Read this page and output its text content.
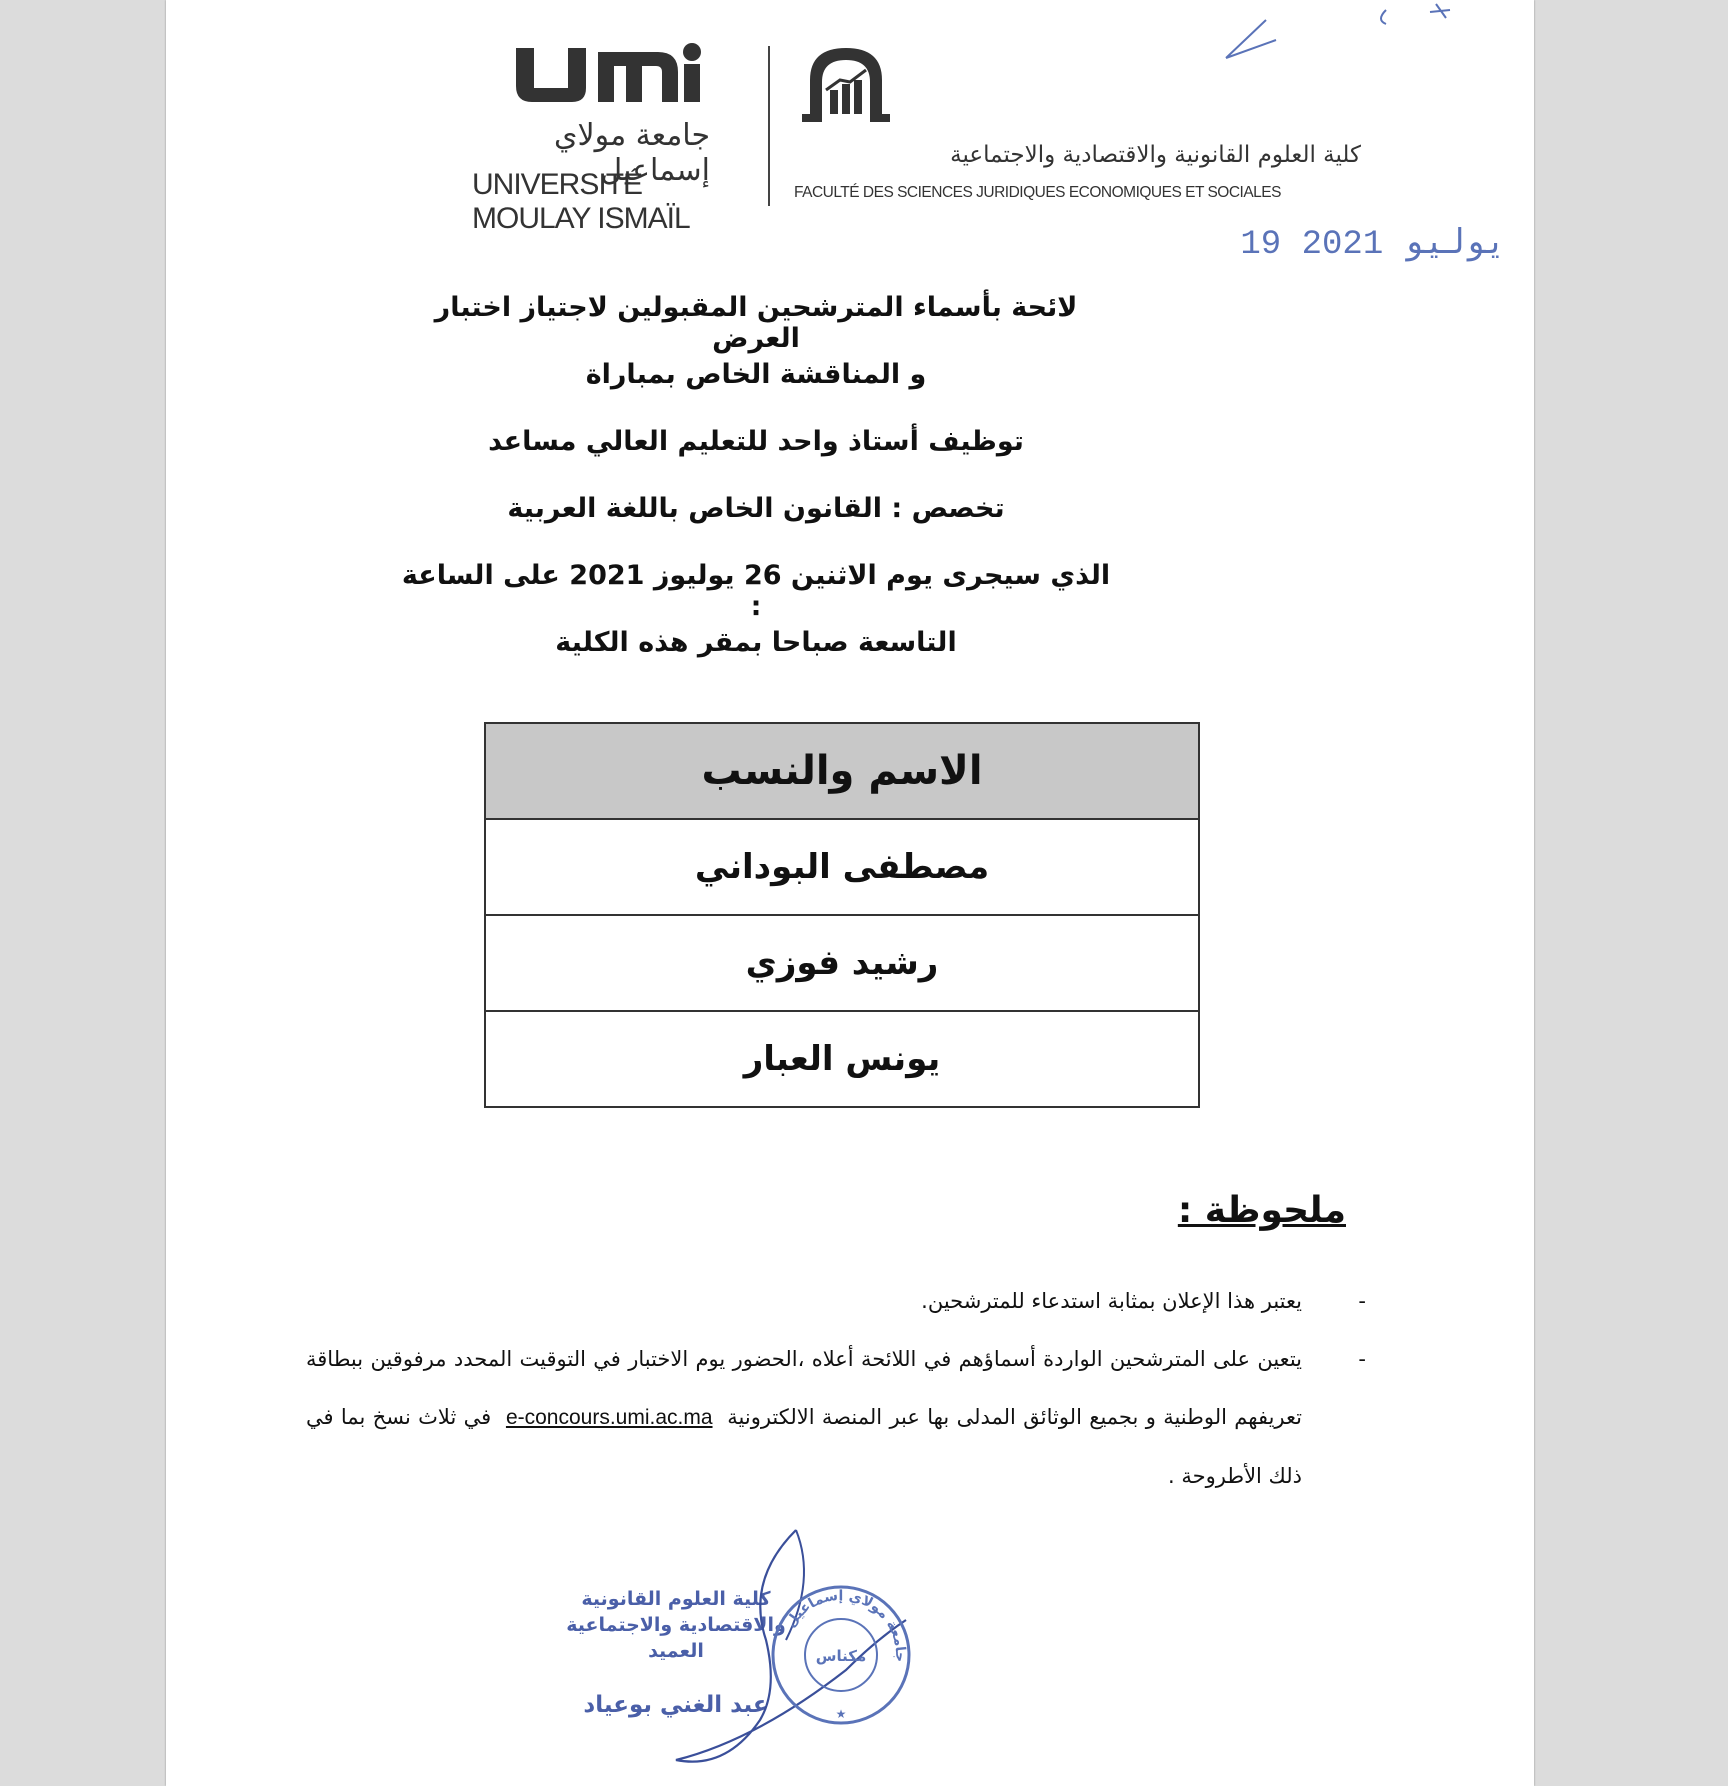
جامعة مولاي إسماعيل
UNIVERSITÉ MOULAY ISMAÏL
كلية العلوم القانونية والاقتصادية والاجتماعية
FACULTÉ DES SCIENCES JURIDIQUES ECONOMIQUES ET SOCIALES
19 يوليو 2021
لائحة بأسماء المترشحين المقبولين لاجتياز اختبار العرض
و المناقشة الخاص بمباراة
توظيف أستاذ واحد للتعليم العالي مساعد
تخصص : القانون الخاص باللغة العربية
الذي سيجرى يوم الاثنين 26 يوليوز 2021 على الساعة :
التاسعة صباحا بمقر هذه الكلية
الاسم والنسب
مصطفى البوداني
رشيد فوزي
يونس العبار
ملحوظة :
-
يعتبر هذا الإعلان بمثابة استدعاء للمترشحين.
-
يتعين على المترشحين الواردة أسماؤهم في اللائحة أعلاه ،الحضور يوم الاختبار في التوقيت المحدد مرفوقين ببطاقة تعريفهم الوطنية و بجميع الوثائق المدلى بها عبر المنصة الالكترونية  e-concours.umi.ac.ma  في ثلاث نسخ بما في ذلك الأطروحة .
كلية العلوم القانونية
والاقتصادية والاجتماعية
العميد
عبد الغني بوعياد
جامعة مولاي إسماعيل
مكناس
★
